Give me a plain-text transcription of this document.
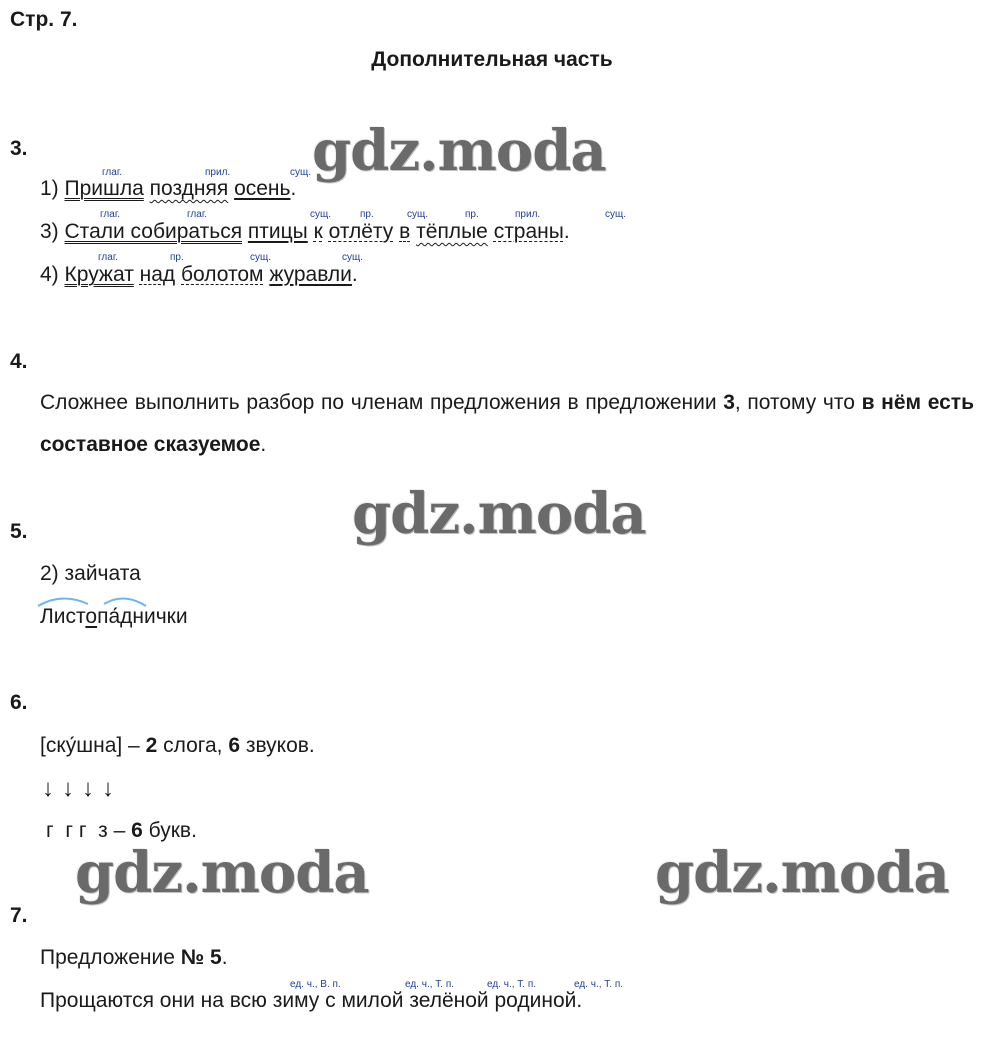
Стр. 7.
Дополнительная часть
gdz.moda
gdz.moda
gdz.moda	gdz.moda
3.
глаг.	прил.	сущ.
1) Пришла поздняя осень.
глаг.	глаг.	сущ.	пр.	сущ.	пр.	прил.	сущ.
3) Стали собираться птицы к отлёту в тёплые страны.
глаг.	пр.	сущ.	сущ.
4) Кружат над болотом журавли.
4.
Сложнее выполнить разбор по членам предложения в предложении 3, потому что в нём есть составное сказуемое.
5.
2) зайчата
Листопаднички
6.
[ску́шна] – 2 слога, 6 звуков.
↓ ↓ ↓ ↓
г  г г  з – 6 букв.
7.
Предложение № 5.
ед. ч., В. п.	ед. ч., Т. п.	ед. ч., Т. п.	ед. ч., Т. п.
Прощаются они на всю зиму с милой зелёной родиной.
